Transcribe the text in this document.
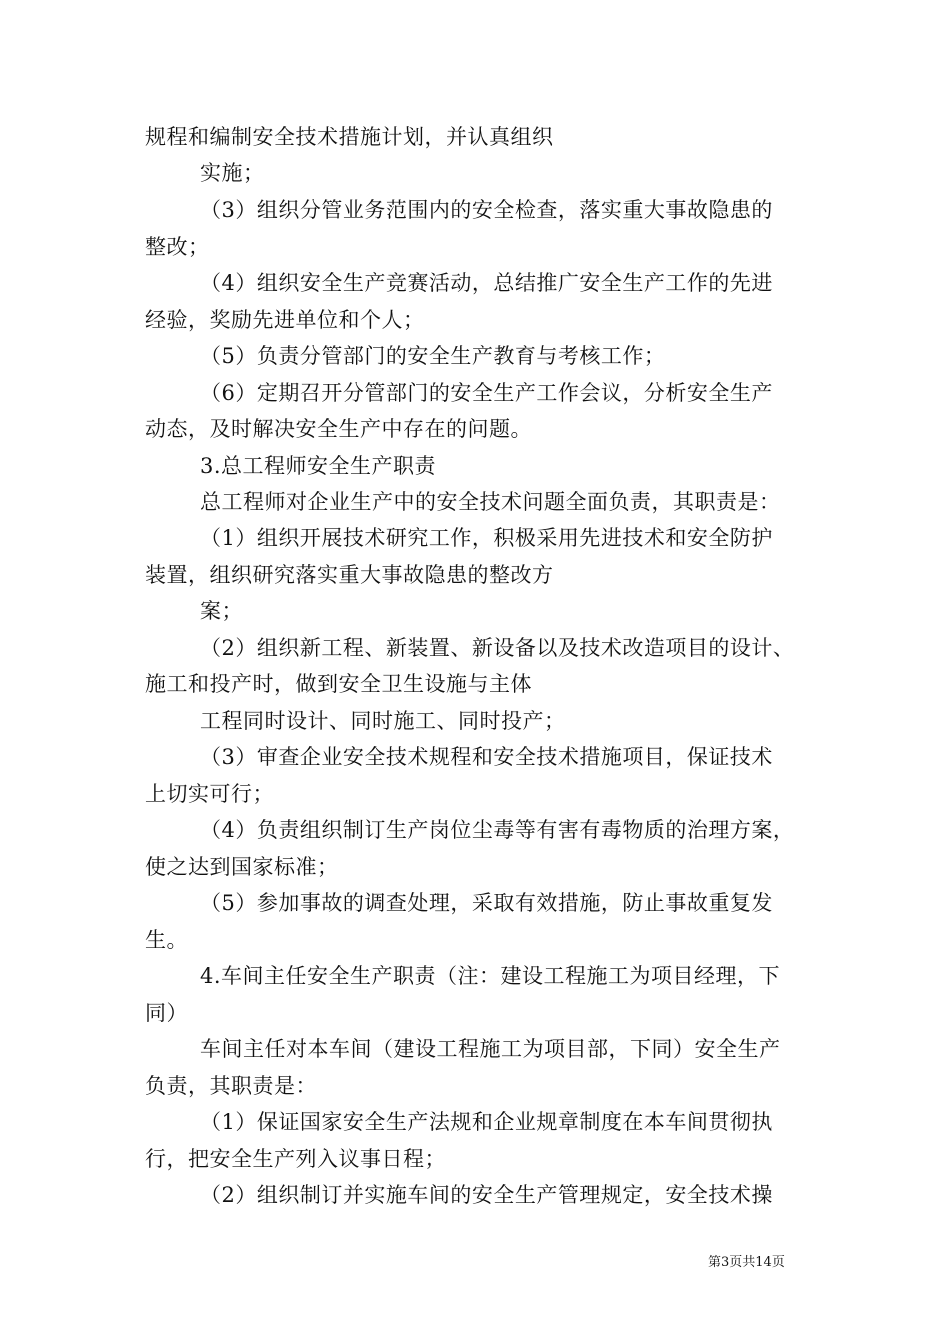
规程和编制安全技术措施计划，并认真组织
实施；
（3）组织分管业务范围内的安全检查，落实重大事故隐患的
整改；
（4）组织安全生产竞赛活动，总结推广安全生产工作的先进
经验，奖励先进单位和个人；
（5）负责分管部门的安全生产教育与考核工作；
（6）定期召开分管部门的安全生产工作会议，分析安全生产
动态，及时解决安全生产中存在的问题。
3.总工程师安全生产职责
总工程师对企业生产中的安全技术问题全面负责，其职责是：
（1）组织开展技术研究工作，积极采用先进技术和安全防护
装置，组织研究落实重大事故隐患的整改方
案；
（2）组织新工程、新装置、新设备以及技术改造项目的设计、
施工和投产时，做到安全卫生设施与主体
工程同时设计、同时施工、同时投产；
（3）审查企业安全技术规程和安全技术措施项目，保证技术
上切实可行；
（4）负责组织制订生产岗位尘毒等有害有毒物质的治理方案，
使之达到国家标准；
（5）参加事故的调查处理，采取有效措施，防止事故重复发
生。
4.车间主任安全生产职责（注：建设工程施工为项目经理，下
同）
车间主任对本车间（建设工程施工为项目部，下同）安全生产
负责，其职责是：
（1）保证国家安全生产法规和企业规章制度在本车间贯彻执
行，把安全生产列入议事日程；
（2）组织制订并实施车间的安全生产管理规定，安全技术操
第3页共14页
